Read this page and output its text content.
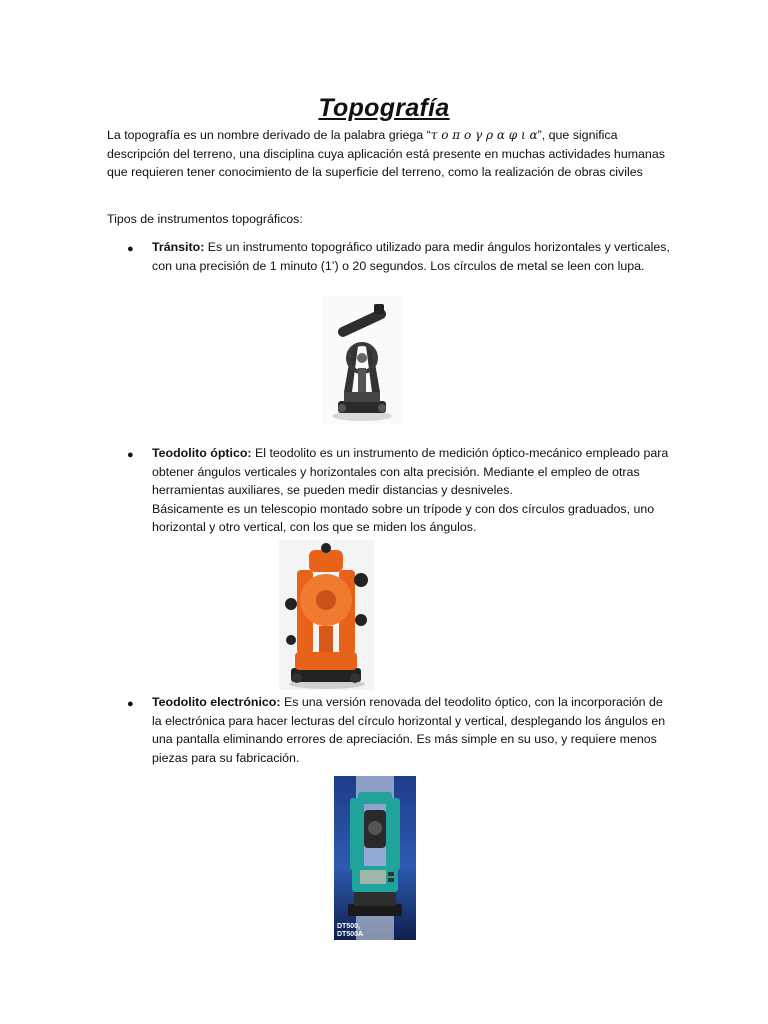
Topografía
La topografía es un nombre derivado de la palabra griega “τ ο π ο γ ρ α φ ι α”, que significa descripción del terreno, una disciplina cuya aplicación está presente en muchas actividades humanas que requieren tener conocimiento de la superficie del terreno, como la realización de obras civiles
Tipos de instrumentos topográficos:
● Tránsito: Es un instrumento topográfico utilizado para medir ángulos horizontales y verticales, con una precisión de 1 minuto (1’) o 20 segundos. Los círculos de metal se leen con lupa.
● Teodolito óptico: El teodolito es un instrumento de medición óptico-mecánico empleado para obtener ángulos verticales y horizontales con alta precisión. Mediante el empleo de otras herramientas auxiliares, se pueden medir distancias y desniveles.
Básicamente es un telescopio montado sobre un trípode y con dos círculos graduados, uno horizontal y otro vertical, con los que se miden los ángulos.
● Teodolito electrónico: Es una versión renovada del teodolito óptico, con la incorporación de la electrónica para hacer lecturas del círculo horizontal y vertical, desplegando los ángulos en una pantalla eliminando errores de apreciación. Es más simple en su uso, y requiere menos piezas para su fabricación.
DT500,
DT500A
